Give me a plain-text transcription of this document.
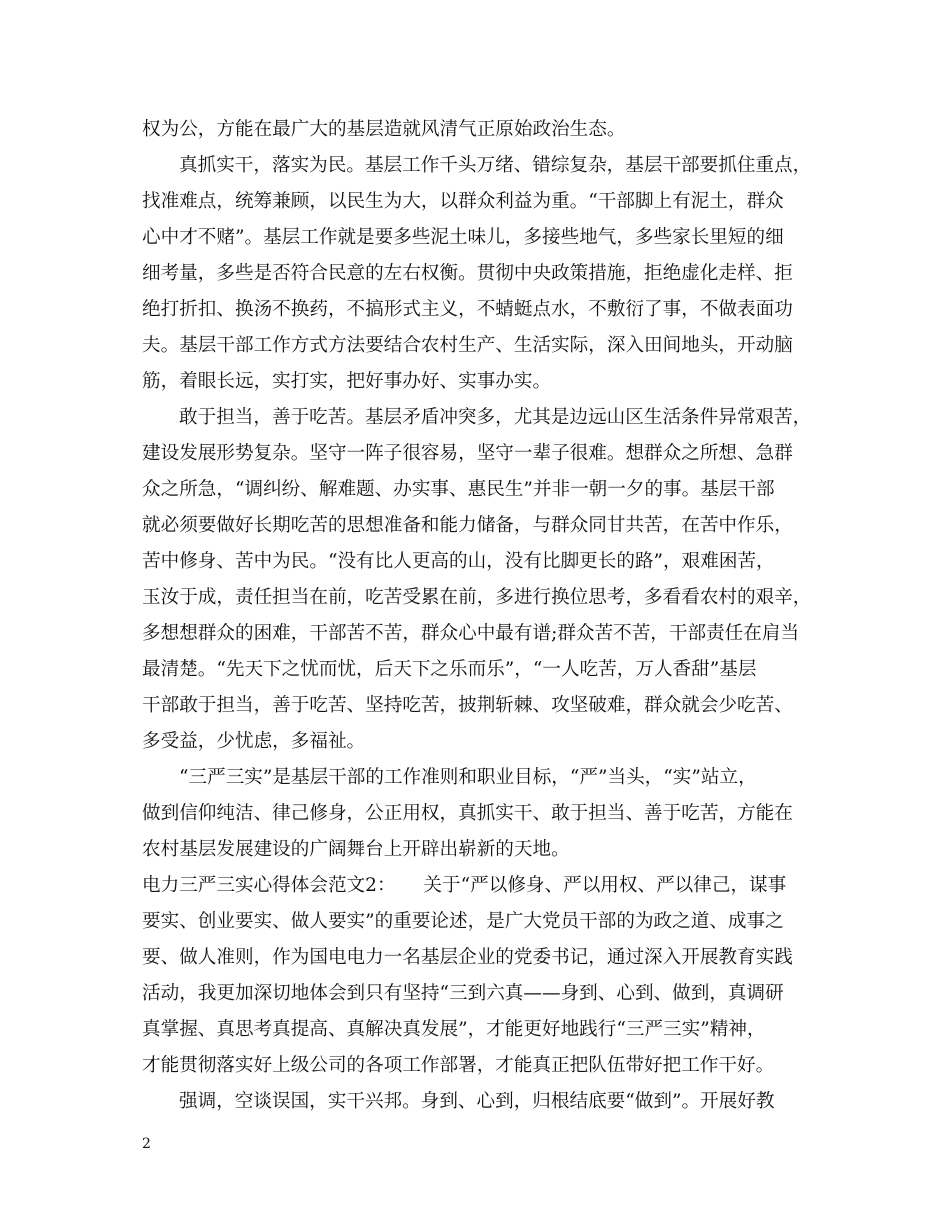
权为公，方能在最广大的基层造就风清气正原始政治生态。
真抓实干，落实为民。基层工作千头万绪、错综复杂，基层干部要抓住重点，
找准难点，统筹兼顾，以民生为大，以群众利益为重。“干部脚上有泥土，群众
心中才不赌”。基层工作就是要多些泥土味儿，多接些地气，多些家长里短的细
细考量，多些是否符合民意的左右权衡。贯彻中央政策措施，拒绝虚化走样、拒
绝打折扣、换汤不换药，不搞形式主义，不蜻蜓点水，不敷衍了事，不做表面功
夫。基层干部工作方式方法要结合农村生产、生活实际，深入田间地头，开动脑
筋，着眼长远，实打实，把好事办好、实事办实。
敢于担当，善于吃苦。基层矛盾冲突多，尤其是边远山区生活条件异常艰苦，
建设发展形势复杂。坚守一阵子很容易，坚守一辈子很难。想群众之所想、急群
众之所急，“调纠纷、解难题、办实事、惠民生”并非一朝一夕的事。基层干部
就必须要做好长期吃苦的思想准备和能力储备，与群众同甘共苦，在苦中作乐，
苦中修身、苦中为民。“没有比人更高的山，没有比脚更长的路”，艰难困苦，
玉汝于成，责任担当在前，吃苦受累在前，多进行换位思考，多看看农村的艰辛，
多想想群众的困难，干部苦不苦，群众心中最有谱;群众苦不苦，干部责任在肩当
最清楚。“先天下之忧而忧，后天下之乐而乐”，“一人吃苦，万人香甜”基层
干部敢于担当，善于吃苦、坚持吃苦，披荆斩棘、攻坚破难，群众就会少吃苦、
多受益，少忧虑，多福祉。
“三严三实”是基层干部的工作准则和职业目标，“严”当头，“实”站立，
做到信仰纯洁、律己修身，公正用权，真抓实干、敢于担当、善于吃苦，方能在
农村基层发展建设的广阔舞台上开辟出崭新的天地。
电力三严三实心得体会范文2：　　关于“严以修身、严以用权、严以律己，谋事
要实、创业要实、做人要实”的重要论述，是广大党员干部的为政之道、成事之
要、做人准则，作为国电电力一名基层企业的党委书记，通过深入开展教育实践
活动，我更加深切地体会到只有坚持“三到六真——身到、心到、做到，真调研
真掌握、真思考真提高、真解决真发展”，才能更好地践行“三严三实”精神，
才能贯彻落实好上级公司的各项工作部署，才能真正把队伍带好把工作干好。
强调，空谈误国，实干兴邦。身到、心到，归根结底要“做到”。开展好教
2
